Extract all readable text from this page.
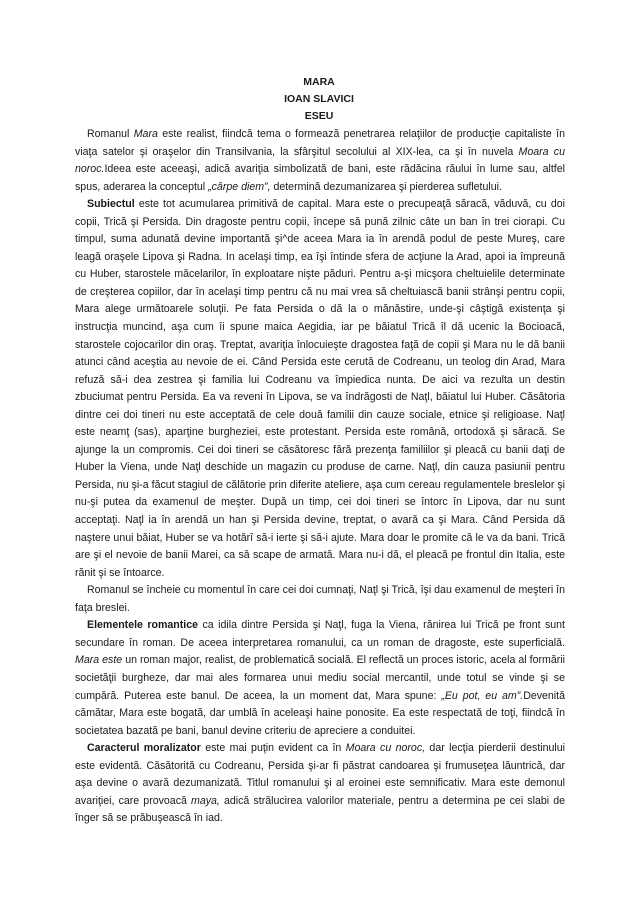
MARA
IOAN SLAVICI
ESEU

Romanul Mara este realist, fiindcă tema o formează penetrarea relaţiilor de producţie capitaliste în viaţa satelor şi oraşelor din Transilvania, la sfârşitul secolului al XIX-lea, ca şi în nuvela Moara cu noroc.Ideea este aceeaşi, adică avariţia simbolizată de bani, este rădăcina răului în lume sau, altfel spus, aderarea la conceptul „cârpe diem”, determină dezumanizarea şi pierderea sufletului.

Subiectul este tot acumularea primitivă de capital. Mara este o precupeaţă săracă, văduvă, cu doi copii, Trică şi Persida. Din dragoste pentru copii, începe să pună zilnic câte un ban în trei ciorapi. Cu timpul, suma adunată devine importantă şi^de aceea Mara ia în arendă podul de peste Mureş, care leagă oraşele Lipova şi Radna. In acelaşi timp, ea îşi întinde sfera de acţiune la Arad, apoi ia împreună cu Huber, starostele măcelarilor, în exploatare nişte păduri. Pentru a-şi micşora cheltuielile determinate de creşterea copiilor, dar în acelaşi timp pentru că nu mai vrea să cheltuiască banii strânşi pentru copii, Mara alege următoarele soluţii. Pe fata Persida o dă la o mănăstire, unde-şi câştigă existenţa şi instrucţia muncind, aşa cum îi spune maica Aegidia, iar pe băiatul Trică îl dă ucenic la Bocioacă, starostele cojocarilor din oraş. Treptat, avariţia înlocuieşte dragostea faţă de copii şi Mara nu le dă banii atunci când aceştia au nevoie de ei. Când Persida este cerută de Codreanu, un teolog din Arad, Mara refuză să-i dea zestrea şi familia lui Codreanu va împiedica nunta. De aici va rezulta un destin zbuciumat pentru Persida. Ea va reveni în Lipova, se va îndrăgosti de Naţl, băiatul lui Huber. Căsătoria dintre cei doi tineri nu este acceptată de cele două familii din cauze sociale, etnice şi religioase. Naţl este neamţ (sas), aparţine burgheziei, este protestant. Persida este română, ortodoxă şi săracă. Se ajunge la un compromis. Cei doi tineri se căsătoresc fără prezenţa familiilor şi pleacă cu banii daţi de Huber la Viena, unde Naţl deschide un magazin cu produse de carne. Naţl, din cauza pasiunii pentru Persida, nu şi-a făcut stagiul de călătorie prin diferite ateliere, aşa cum cereau regulamentele breslelor şi nu-şi putea da examenul de meşter. După un timp, cei doi tineri se întorc în Lipova, dar nu sunt acceptaţi. Naţl ia în arendă un han şi Persida devine, treptat, o avară ca şi Mara. Când Persida dă naştere unui băiat, Huber se va hotărî să-i ierte şi să-i ajute. Mara doar le promite că le va da bani. Trică are şi el nevoie de banii Marei, ca să scape de armată. Mara nu-i dă, el pleacă pe frontul din Italia, este rănit şi se întoarce.

Romanul se încheie cu momentul în care cei doi cumnaţi, Naţl şi Trică, îşi dau examenul de meşteri în faţa breslei.

Elementele romantice ca idila dintre Persida şi Naţl, fuga la Viena, rănirea lui Trică pe front sunt secundare în roman. De aceea interpretarea romanului, ca un roman de dragoste, este superficială. Mara este un roman major, realist, de problematică socială. El reflectă un proces istoric, acela al formării societăţii burgheze, dar mai ales formarea unui mediu social mercantil, unde totul se vinde şi se cumpără. Puterea este banul. De aceea, la un moment dat, Mara spune: „Eu pot, eu am”.Devenită cămătar, Mara este bogată, dar umblă în aceleaşi haine ponosite. Ea este respectată de toţi, fiindcă în societatea bazată pe bani, banul devine criteriu de apreciere a conduitei.

Caracterul moralizator este mai puţin evident ca în Moara cu noroc, dar lecţia pierderii destinului este evidentă. Căsătorită cu Codreanu, Persida şi-ar fi păstrat candoarea şi frumuseţea lăuntrică, dar aşa devine o avară dezumanizată. Titlul romanului şi al eroinei este semnificativ. Mara este demonul avariţiei, care provoacă maya, adică strălucirea valorilor materiale, pentru a determina pe cei slabi de înger să se prăbuşească în iad.
